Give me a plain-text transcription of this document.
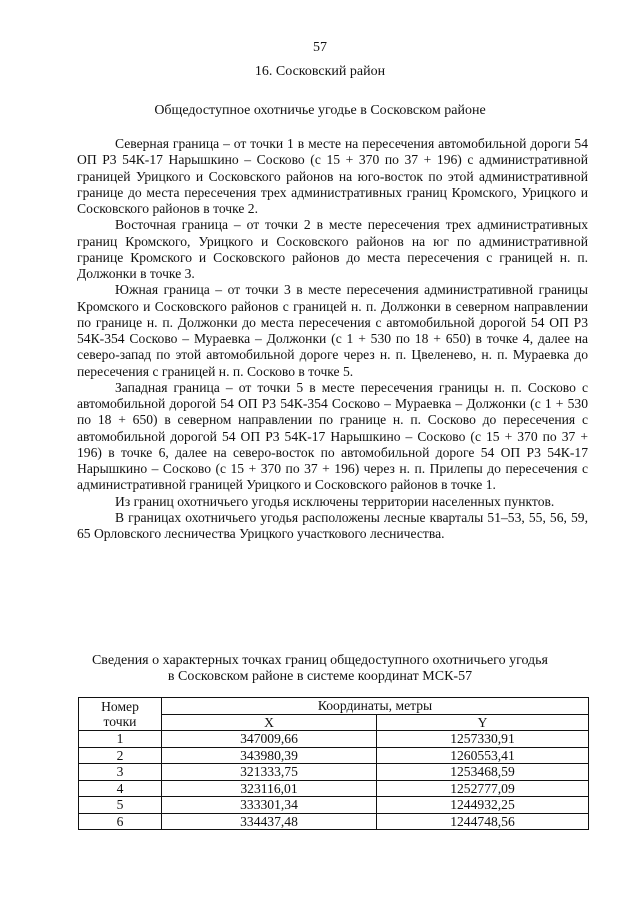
57
16. Сосковский район
Общедоступное охотничье угодье в Сосковском районе

Северная граница – от точки 1 в месте на пересечения автомобильной дороги 54 ОП Р3 54К-17 Нарышкино – Сосково (с 15 + 370 по 37 + 196) с административной границей Урицкого и Сосковского районов на юго-восток по этой административной границе до места пересечения трех административных границ Кромского, Урицкого и Сосковского районов в точке 2.

Восточная граница – от точки 2 в месте пересечения трех административных границ Кромского, Урицкого и Сосковского районов на юг по административной границе Кромского и Сосковского районов до места пересечения с границей н. п. Должонки в точке 3.

Южная граница – от точки 3 в месте пересечения административной границы Кромского и Сосковского районов с границей н. п. Должонки в северном направлении по границе н. п. Должонки до места пересечения с автомобильной дорогой 54 ОП Р3 54К-354 Сосково – Мураевка – Должонки (с 1 + 530 по 18 + 650) в точке 4, далее на северо-запад по этой автомобильной дороге через н. п. Цвеленево, н. п. Мураевка до пересечения с границей н. п. Сосково в точке 5.

Западная граница – от точки 5 в месте пересечения границы н. п. Сосково с автомобильной дорогой 54 ОП Р3 54К-354 Сосково – Мураевка – Должонки (с 1 + 530 по 18 + 650) в северном направлении по границе н. п. Сосково до пересечения с автомобильной дорогой 54 ОП Р3 54К-17 Нарышкино – Сосково (с 15 + 370 по 37 + 196) в точке 6, далее на северо-восток по автомобильной дороге 54 ОП Р3 54К-17 Нарышкино – Сосково (с 15 + 370 по 37 + 196) через н. п. Прилепы до пересечения с административной границей Урицкого и Сосковского районов в точке 1.

Из границ охотничьего угодья исключены территории населенных пунктов.

В границах охотничьего угодья расположены лесные кварталы 51–53, 55, 56, 59, 65 Орловского лесничества Урицкого участкового лесничества.

Сведения о характерных точках границ общедоступного охотничьего угодья
в Сосковском районе в системе координат МСК-57
Номер
точки	Координаты, метры	
	X	Y
1	347009,66	1257330,91
2	343980,39	1260553,41
3	321333,75	1253468,59
4	323116,01	1252777,09
5	333301,34	1244932,25
6	334437,48	1244748,56
